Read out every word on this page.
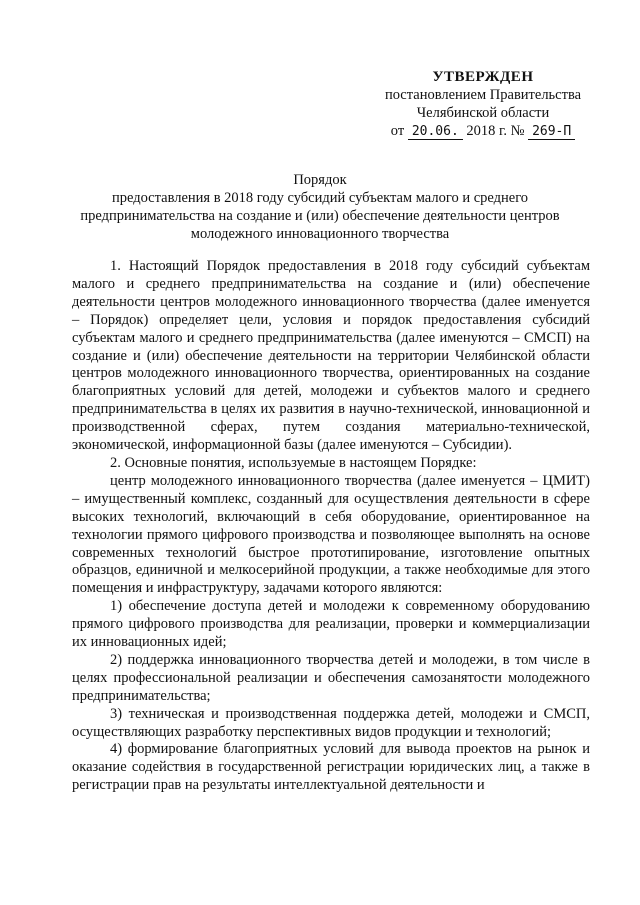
УТВЕРЖДЕН
постановлением Правительства
Челябинской области
от 20.06. 2018 г. № 269-П
Порядок
предоставления в 2018 году субсидий субъектам малого и среднего
предпринимательства на создание и (или) обеспечение деятельности центров
молодежного инновационного творчества

1. Настоящий Порядок предоставления в 2018 году субсидий субъектам малого и среднего предпринимательства на создание и (или) обеспечение деятельности центров молодежного инновационного творчества (далее именуется – Порядок) определяет цели, условия и порядок предоставления субсидий субъектам малого и среднего предпринимательства (далее именуются – СМСП) на создание и (или) обеспечение деятельности на территории Челябинской области центров молодежного инновационного творчества, ориентированных на создание благоприятных условий для детей, молодежи и субъектов малого и среднего предпринимательства в целях их развития в научно-технической, инновационной и производственной сферах, путем создания материально-технической, экономической, информационной базы (далее именуются – Субсидии).

2. Основные понятия, используемые в настоящем Порядке:

центр молодежного инновационного творчества (далее именуется – ЦМИТ) – имущественный комплекс, созданный для осуществления деятельности в сфере высоких технологий, включающий в себя оборудование, ориентированное на технологии прямого цифрового производства и позволяющее выполнять на основе современных технологий быстрое прототипирование, изготовление опытных образцов, единичной и мелкосерийной продукции, а также необходимые для этого помещения и инфраструктуру, задачами которого являются:

1) обеспечение доступа детей и молодежи к современному оборудованию прямого цифрового производства для реализации, проверки и коммерциализации их инновационных идей;

2) поддержка инновационного творчества детей и молодежи, в том числе в целях профессиональной реализации и обеспечения самозанятости молодежного предпринимательства;

3) техническая и производственная поддержка детей, молодежи и СМСП, осуществляющих разработку перспективных видов продукции и технологий;

4) формирование благоприятных условий для вывода проектов на рынок и оказание содействия в государственной регистрации юридических лиц, а также в регистрации прав на результаты интеллектуальной деятельности и
